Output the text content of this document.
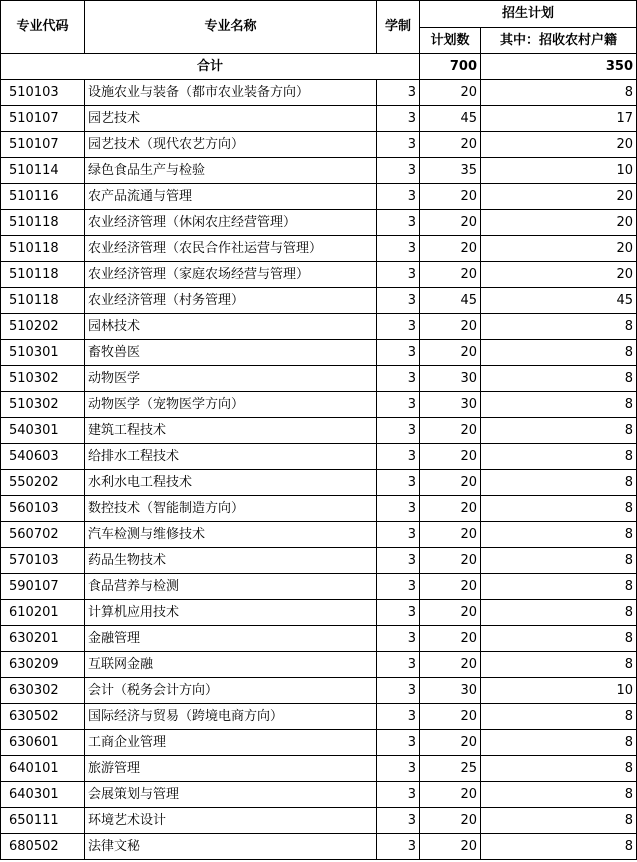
专业代码	专业名称	学制	招生计划	
			计划数	其中：招收农村户籍
合计			700	350
510103	设施农业与装备（都市农业装备方向）	3	20	8
510107	园艺技术	3	45	17
510107	园艺技术（现代农艺方向）	3	20	20
510114	绿色食品生产与检验	3	35	10
510116	农产品流通与管理	3	20	20
510118	农业经济管理（休闲农庄经营管理）	3	20	20
510118	农业经济管理（农民合作社运营与管理）	3	20	20
510118	农业经济管理（家庭农场经营与管理）	3	20	20
510118	农业经济管理（村务管理）	3	45	45
510202	园林技术	3	20	8
510301	畜牧兽医	3	20	8
510302	动物医学	3	30	8
510302	动物医学（宠物医学方向）	3	30	8
540301	建筑工程技术	3	20	8
540603	给排水工程技术	3	20	8
550202	水利水电工程技术	3	20	8
560103	数控技术（智能制造方向）	3	20	8
560702	汽车检测与维修技术	3	20	8
570103	药品生物技术	3	20	8
590107	食品营养与检测	3	20	8
610201	计算机应用技术	3	20	8
630201	金融管理	3	20	8
630209	互联网金融	3	20	8
630302	会计（税务会计方向）	3	30	10
630502	国际经济与贸易（跨境电商方向）	3	20	8
630601	工商企业管理	3	20	8
640101	旅游管理	3	25	8
640301	会展策划与管理	3	20	8
650111	环境艺术设计	3	20	8
680502	法律文秘	3	20	8
